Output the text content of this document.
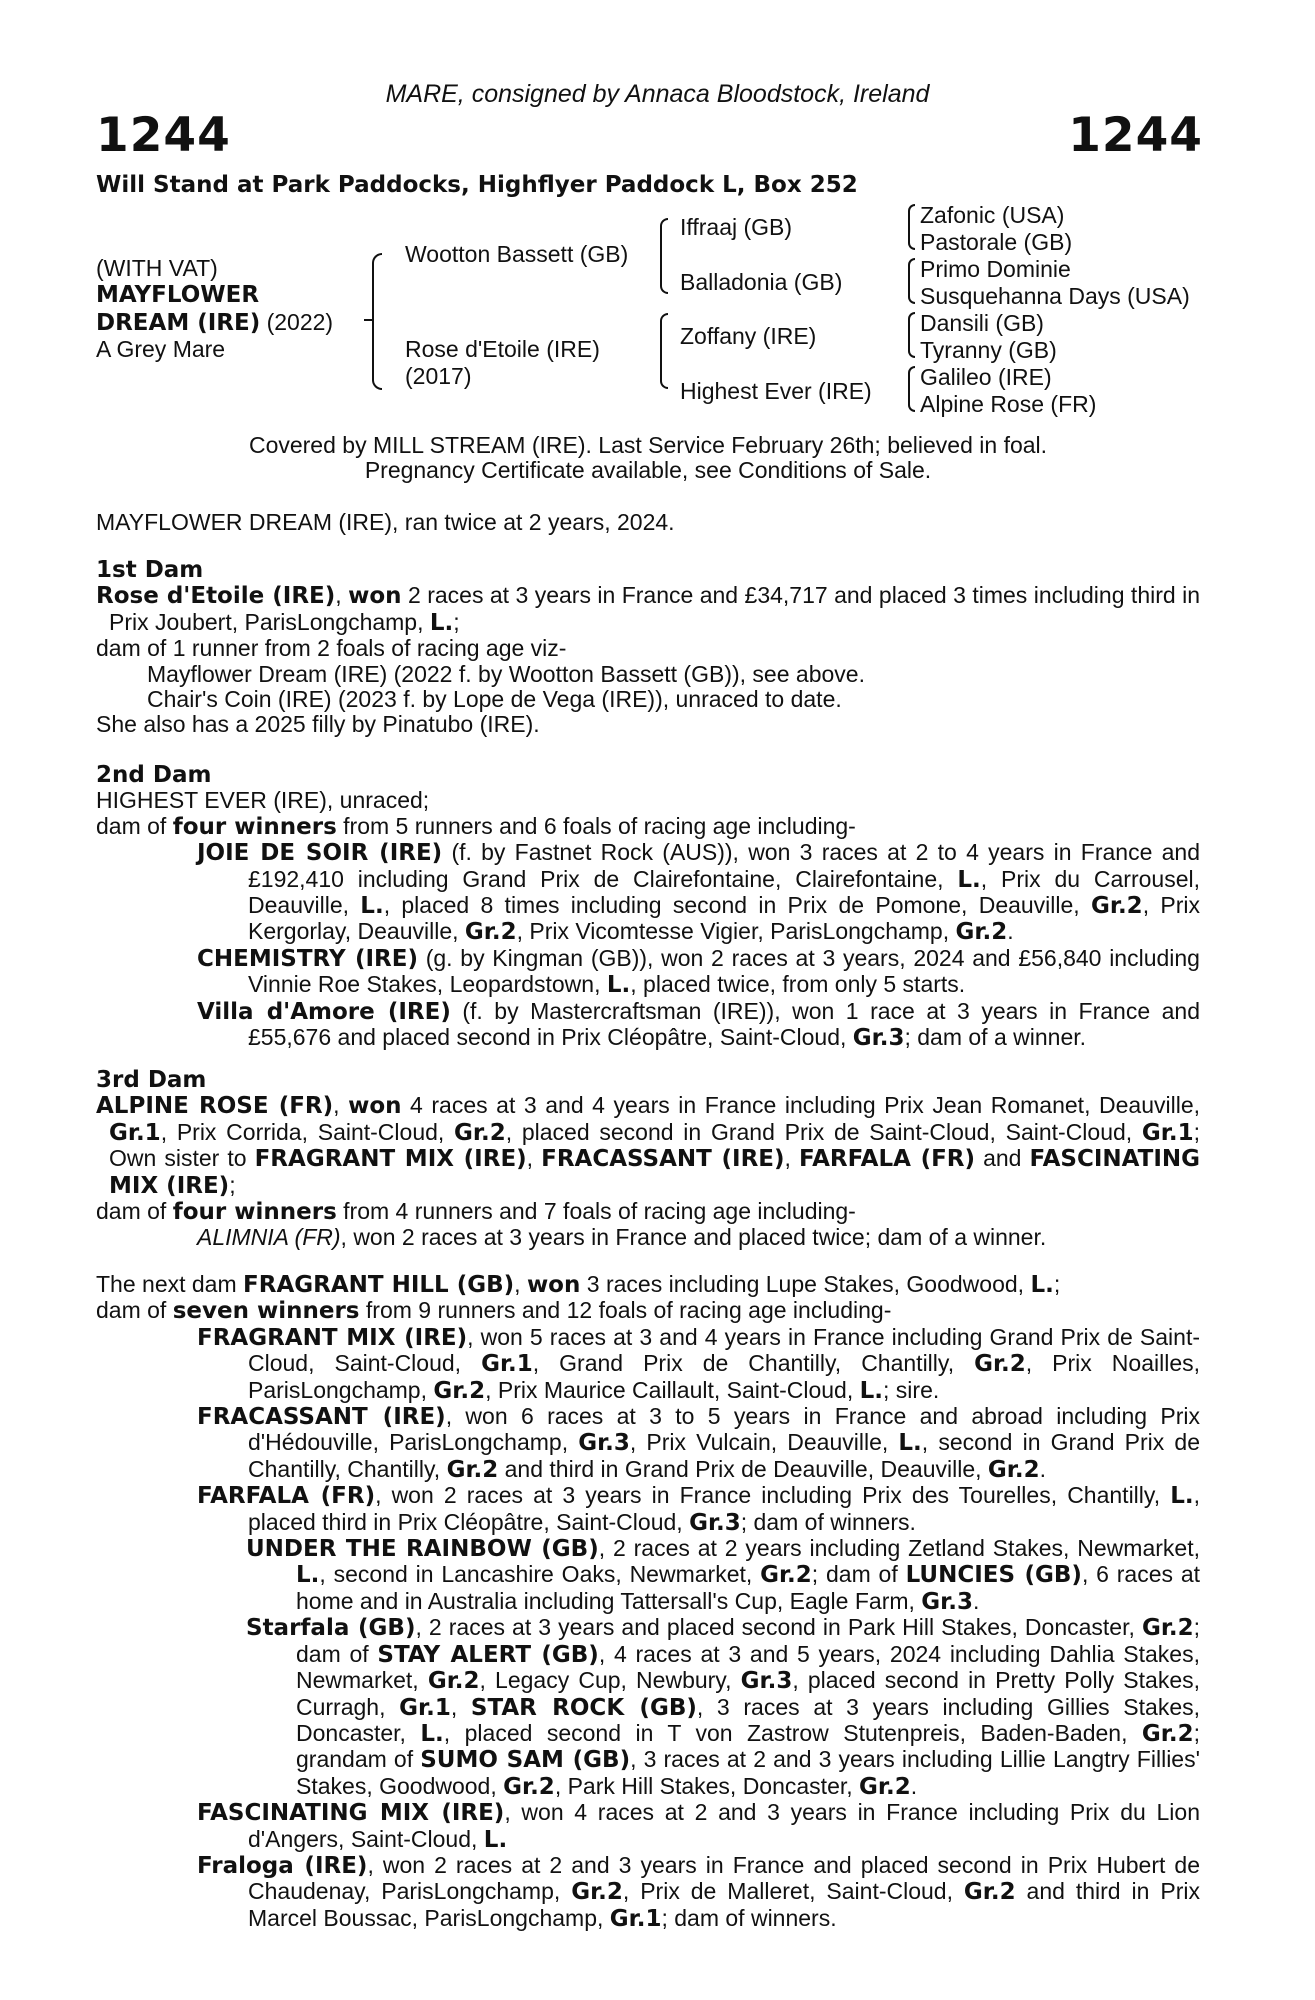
MARE, consigned by Annaca Bloodstock, Ireland
1244	1244
Will Stand at Park Paddocks, Highflyer Paddock L, Box 252
(WITH VAT)
MAYFLOWER
DREAM (IRE) (2022)
A Grey Mare
Wootton Bassett (GB)
Rose d'Etoile (IRE)
(2017)
Iffraaj (GB)
Balladonia (GB)
Zoffany (IRE)
Highest Ever (IRE)
Zafonic (USA)
Pastorale (GB)
Primo Dominie
Susquehanna Days (USA)
Dansili (GB)
Tyranny (GB)
Galileo (IRE)
Alpine Rose (FR)

Covered by MILL STREAM (IRE). Last Service February 26th; believed in foal.

Pregnancy Certificate available, see Conditions of Sale.

MAYFLOWER DREAM (IRE), ran twice at 2 years, 2024.

1st Dam

Rose d'Etoile (IRE), won 2 races at 3 years in France and £34,717 and placed 3 times including third in Prix Joubert, ParisLongchamp, L.;

dam of 1 runner from 2 foals of racing age viz-

Mayflower Dream (IRE) (2022 f. by Wootton Bassett (GB)), see above.

Chair's Coin (IRE) (2023 f. by Lope de Vega (IRE)), unraced to date.

She also has a 2025 filly by Pinatubo (IRE).

2nd Dam

HIGHEST EVER (IRE), unraced;

dam of four winners from 5 runners and 6 foals of racing age including-

JOIE DE SOIR (IRE) (f. by Fastnet Rock (AUS)), won 3 races at 2 to 4 years in France and £192,410 including Grand Prix de Clairefontaine, Clairefontaine, L., Prix du Carrousel, Deauville, L., placed 8 times including second in Prix de Pomone, Deauville, Gr.2, Prix Kergorlay, Deauville, Gr.2, Prix Vicomtesse Vigier, ParisLongchamp, Gr.2.

CHEMISTRY (IRE) (g. by Kingman (GB)), won 2 races at 3 years, 2024 and £56,840 including Vinnie Roe Stakes, Leopardstown, L., placed twice, from only 5 starts.

Villa d'Amore (IRE) (f. by Mastercraftsman (IRE)), won 1 race at 3 years in France and £55,676 and placed second in Prix Cléopâtre, Saint-Cloud, Gr.3; dam of a winner.

3rd Dam

ALPINE ROSE (FR), won 4 races at 3 and 4 years in France including Prix Jean Romanet, Deauville, Gr.1, Prix Corrida, Saint-Cloud, Gr.2, placed second in Grand Prix de Saint-Cloud, Saint-Cloud, Gr.1; Own sister to FRAGRANT MIX (IRE), FRACASSANT (IRE), FARFALA (FR) and FASCINATING MIX (IRE);

dam of four winners from 4 runners and 7 foals of racing age including-

ALIMNIA (FR), won 2 races at 3 years in France and placed twice; dam of a winner.

The next dam FRAGRANT HILL (GB), won 3 races including Lupe Stakes, Goodwood, L.;

dam of seven winners from 9 runners and 12 foals of racing age including-

FRAGRANT MIX (IRE), won 5 races at 3 and 4 years in France including Grand Prix de Saint-Cloud, Saint-Cloud, Gr.1, Grand Prix de Chantilly, Chantilly, Gr.2, Prix Noailles, ParisLongchamp, Gr.2, Prix Maurice Caillault, Saint-Cloud, L.; sire.

FRACASSANT (IRE), won 6 races at 3 to 5 years in France and abroad including Prix d'Hédouville, ParisLongchamp, Gr.3, Prix Vulcain, Deauville, L., second in Grand Prix de Chantilly, Chantilly, Gr.2 and third in Grand Prix de Deauville, Deauville, Gr.2.

FARFALA (FR), won 2 races at 3 years in France including Prix des Tourelles, Chantilly, L., placed third in Prix Cléopâtre, Saint-Cloud, Gr.3; dam of winners.

UNDER THE RAINBOW (GB), 2 races at 2 years including Zetland Stakes, Newmarket, L., second in Lancashire Oaks, Newmarket, Gr.2; dam of LUNCIES (GB), 6 races at home and in Australia including Tattersall's Cup, Eagle Farm, Gr.3.

Starfala (GB), 2 races at 3 years and placed second in Park Hill Stakes, Doncaster, Gr.2; dam of STAY ALERT (GB), 4 races at 3 and 5 years, 2024 including Dahlia Stakes, Newmarket, Gr.2, Legacy Cup, Newbury, Gr.3, placed second in Pretty Polly Stakes, Curragh, Gr.1, STAR ROCK (GB), 3 races at 3 years including Gillies Stakes, Doncaster, L., placed second in T von Zastrow Stutenpreis, Baden-Baden, Gr.2; grandam of SUMO SAM (GB), 3 races at 2 and 3 years including Lillie Langtry Fillies' Stakes, Goodwood, Gr.2, Park Hill Stakes, Doncaster, Gr.2.

FASCINATING MIX (IRE), won 4 races at 2 and 3 years in France including Prix du Lion d'Angers, Saint-Cloud, L.

Fraloga (IRE), won 2 races at 2 and 3 years in France and placed second in Prix Hubert de Chaudenay, ParisLongchamp, Gr.2, Prix de Malleret, Saint-Cloud, Gr.2 and third in Prix Marcel Boussac, ParisLongchamp, Gr.1; dam of winners.
